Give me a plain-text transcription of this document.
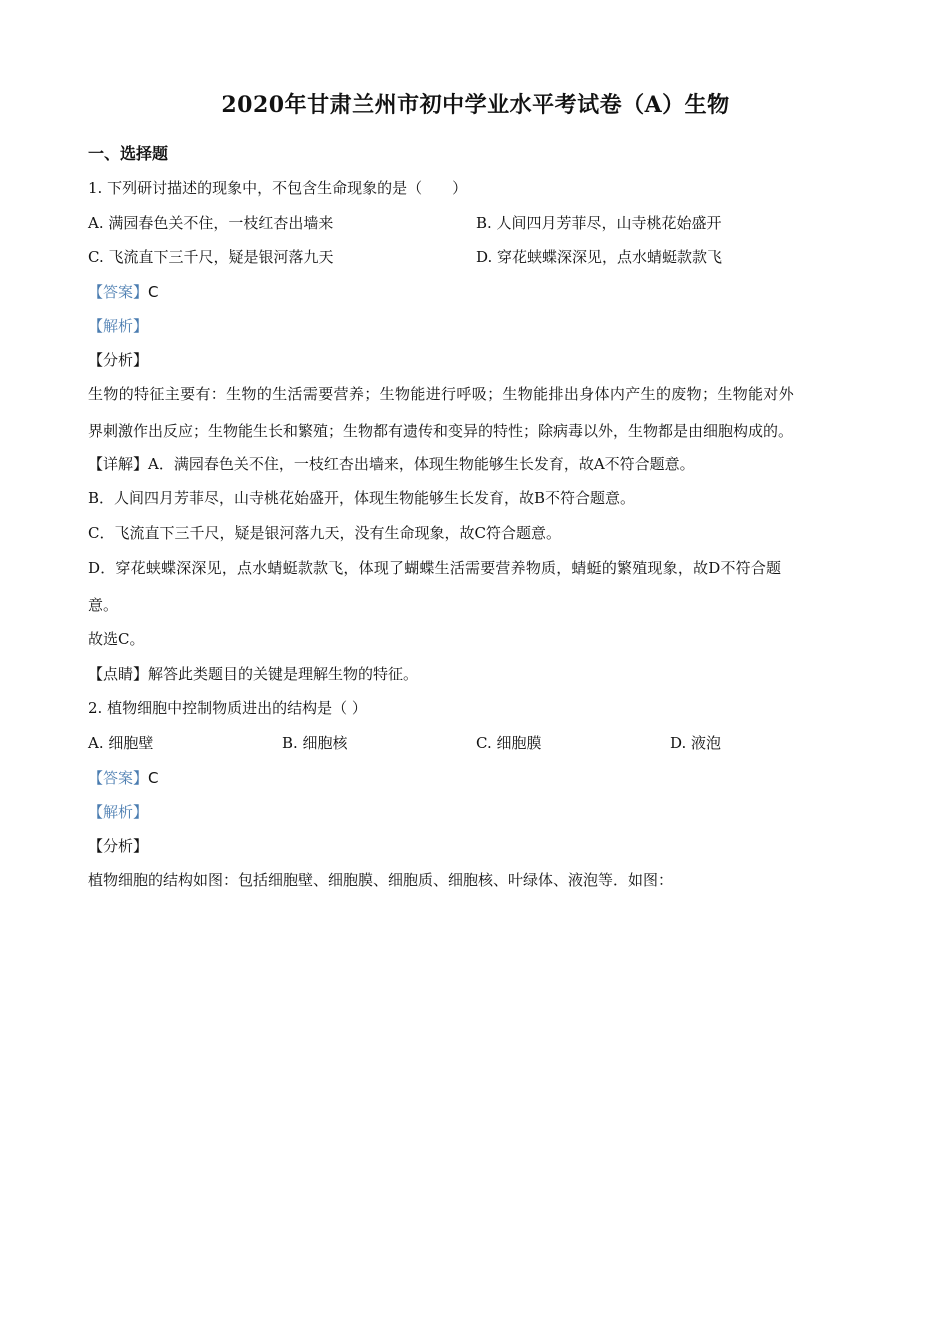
2020年甘肃兰州市初中学业水平考试卷（A）生物
一、选择题
1. 下列研讨描述的现象中，不包含生命现象的是（　　）
A. 满园春色关不住，一枝红杏出墙来	B. 人间四月芳菲尽，山寺桃花始盛开
C. 飞流直下三千尺，疑是银河落九天	D. 穿花蛱蝶深深见，点水蜻蜓款款飞
【答案】C
【解析】
【分析】
生物的特征主要有：生物的生活需要营养；生物能进行呼吸；生物能排出身体内产生的废物；生物能对外
界刺激作出反应；生物能生长和繁殖；生物都有遗传和变异的特性；除病毒以外，生物都是由细胞构成的。
【详解】A．满园春色关不住，一枝红杏出墙来，体现生物能够生长发育，故A不符合题意。
B．人间四月芳菲尽，山寺桃花始盛开，体现生物能够生长发育，故B不符合题意。
C．飞流直下三千尺，疑是银河落九天，没有生命现象，故C符合题意。
D．穿花蛱蝶深深见，点水蜻蜓款款飞，体现了蝴蝶生活需要营养物质，蜻蜓的繁殖现象，故D不符合题
意。
故选C。
【点睛】解答此类题目的关键是理解生物的特征。
2. 植物细胞中控制物质进出的结构是（ ）
A. 细胞壁	B. 细胞核	C. 细胞膜	D. 液泡
【答案】C
【解析】
【分析】
植物细胞的结构如图：包括细胞壁、细胞膜、细胞质、细胞核、叶绿体、液泡等．如图：
